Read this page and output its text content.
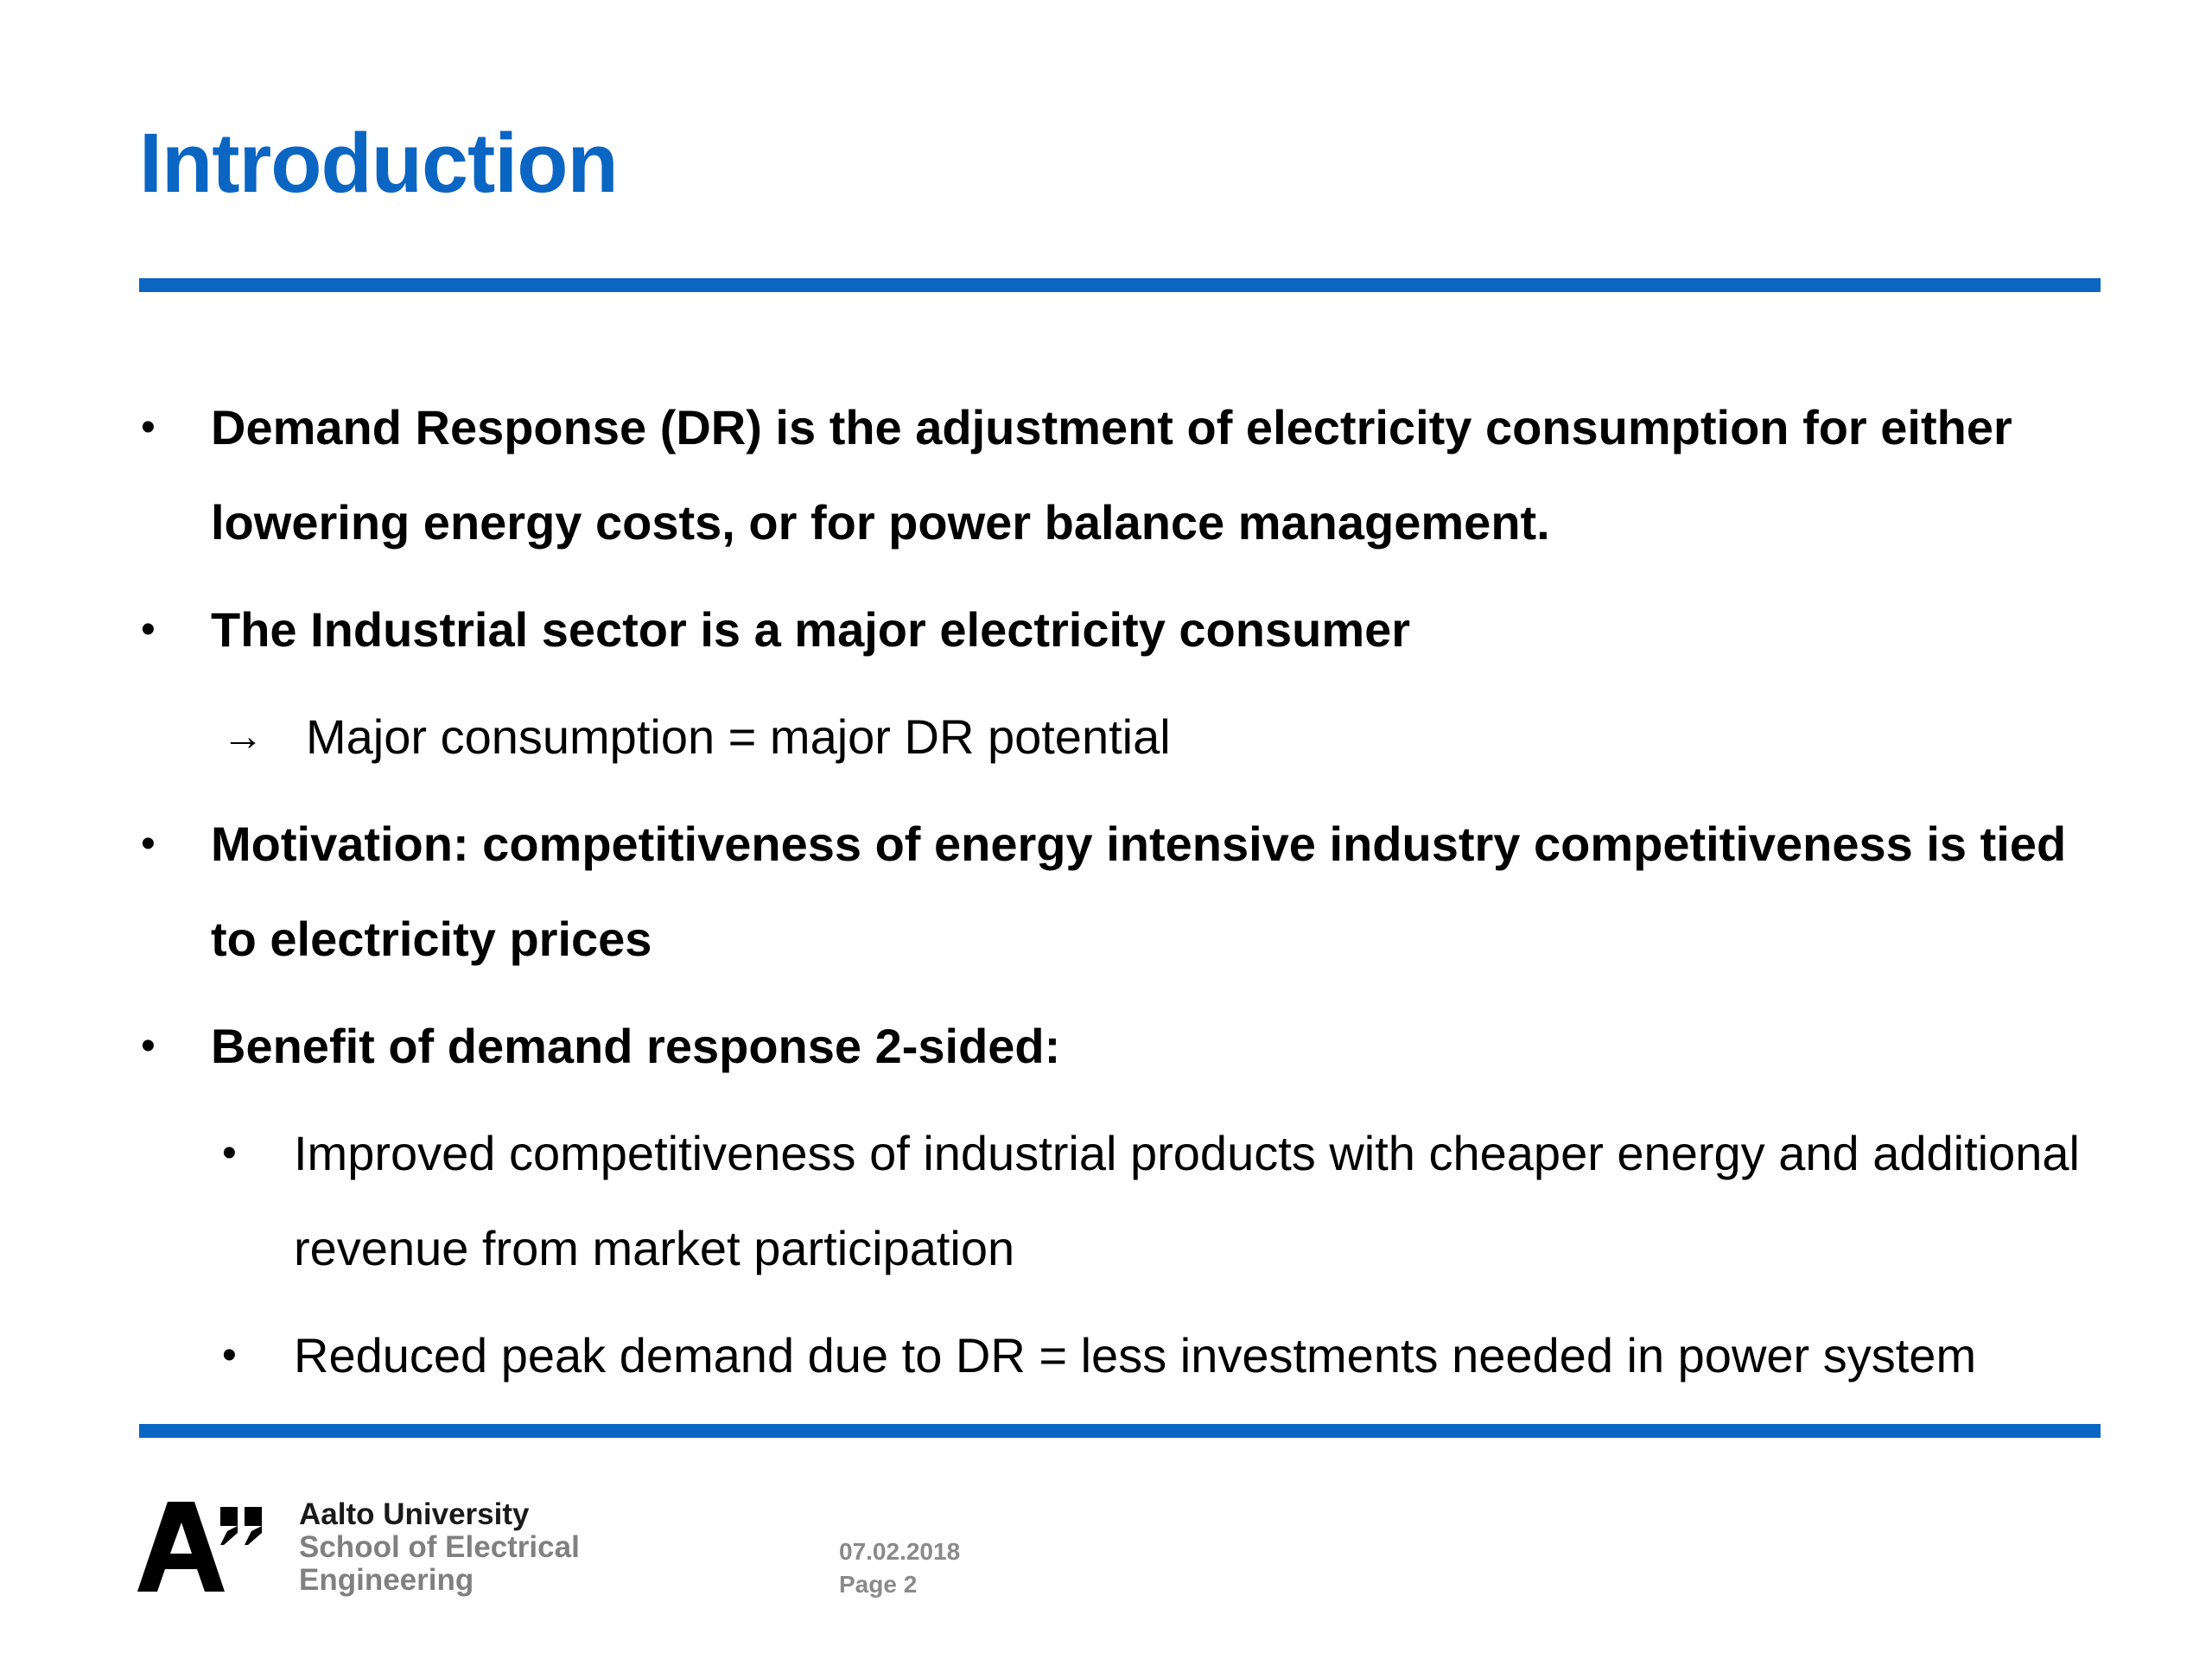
Introduction
• Demand Response (DR) is the adjustment of electricity consumption for either lowering energy costs, or for power balance management.
• The Industrial sector is a major electricity consumer
→ Major consumption = major DR potential
• Motivation: competitiveness of energy intensive industry competitiveness is tied to electricity prices
• Benefit of demand response 2-sided:
• Improved competitiveness of industrial products with cheaper energy and additional revenue from market participation
• Reduced peak demand due to DR = less investments needed in power system
Aalto University
School of Electrical
Engineering
07.02.2018
Page 2
